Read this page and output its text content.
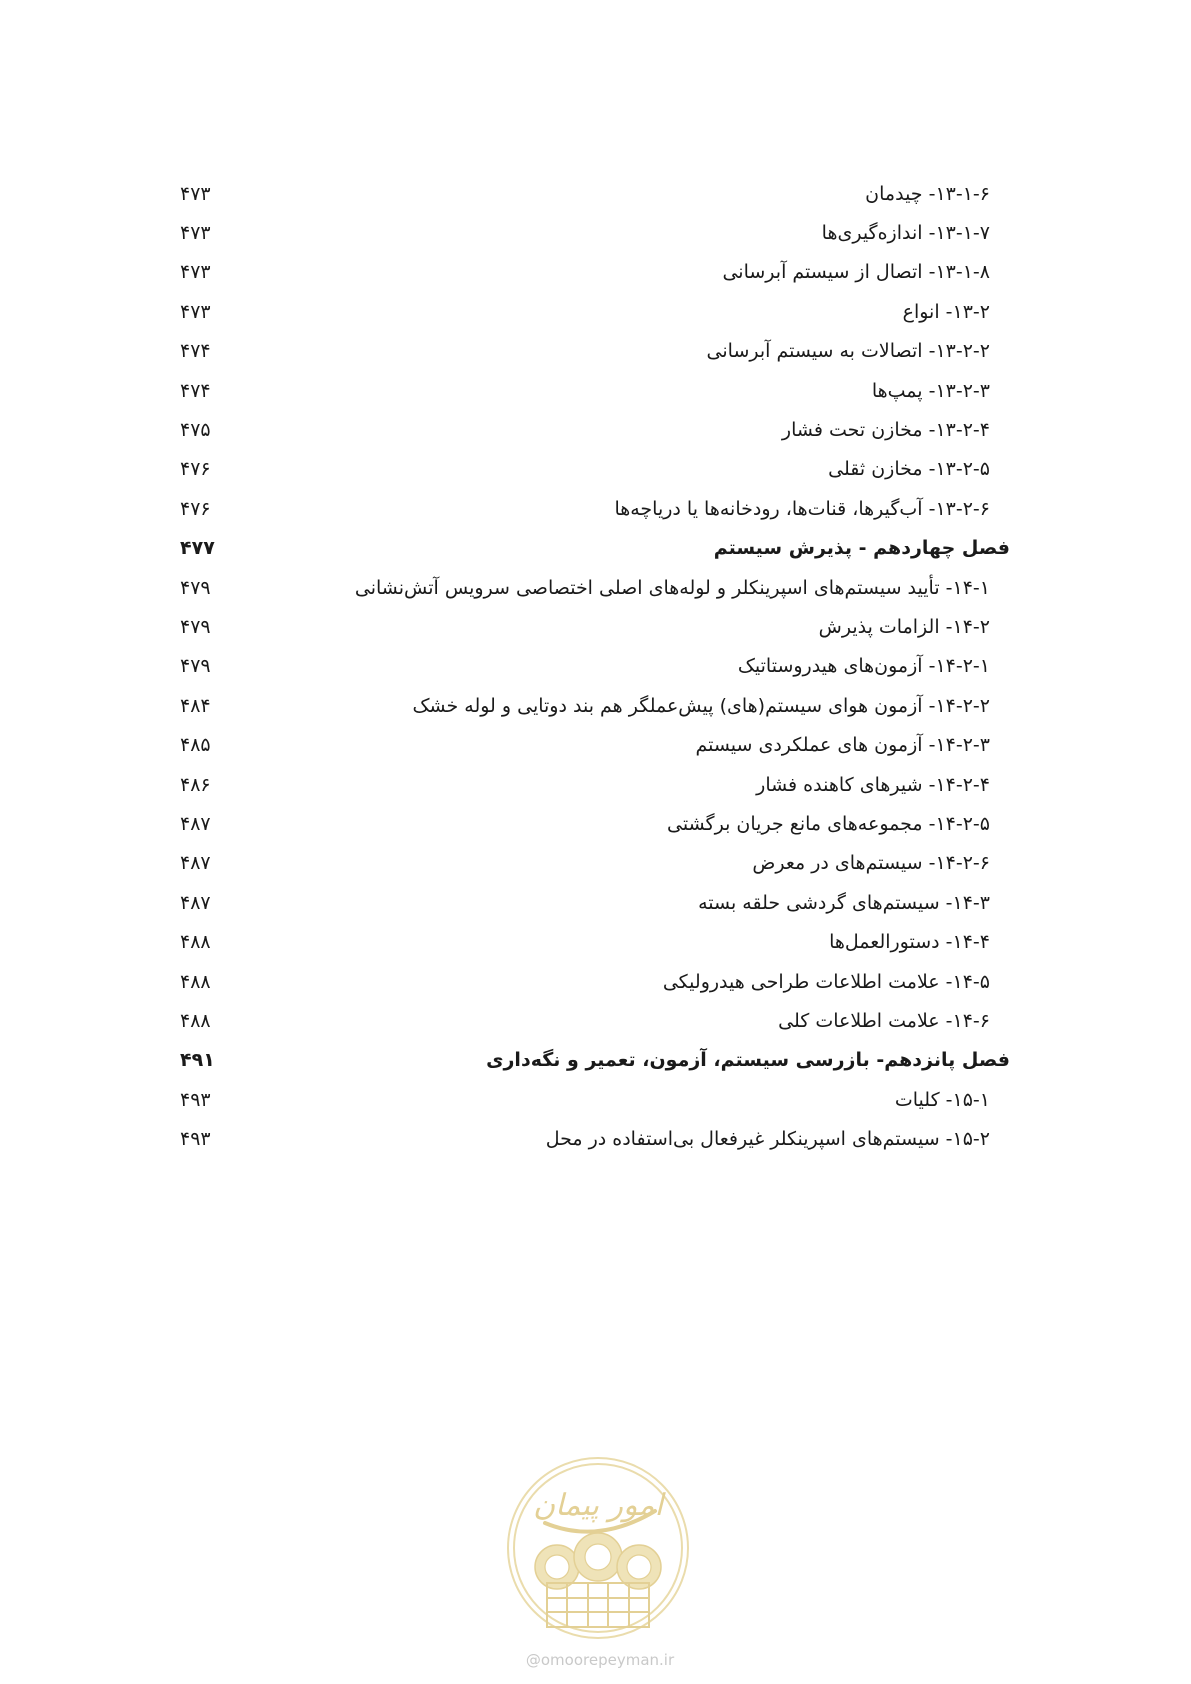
۱۳-۱-۶- چیدمان
۴۷۳
۱۳-۱-۷- اندازه‌گیری‌ها
۴۷۳
۱۳-۱-۸- اتصال از سیستم آبرسانی
۴۷۳
۱۳-۲- انواع
۴۷۳
۱۳-۲-۲- اتصالات به سیستم آبرسانی
۴۷۴
۱۳-۲-۳- پمپ‌ها
۴۷۴
۱۳-۲-۴- مخازن تحت فشار
۴۷۵
۱۳-۲-۵- مخازن ثقلی
۴۷۶
۱۳-۲-۶- آب‌گیرها، قنات‌ها، رودخانه‌ها یا دریاچه‌ها
۴۷۶
فصل چهاردهم - پذیرش سیستم
۴۷۷
۱۴-۱- تأیید سیستم‌های اسپرینکلر و لوله‌های اصلی اختصاصی سرویس آتش‌نشانی
۴۷۹
۱۴-۲- الزامات پذیرش
۴۷۹
۱۴-۲-۱- آزمون‌های هیدروستاتیک
۴۷۹
۱۴-۲-۲- آزمون هوای سیستم(های) پیش‌عملگر هم بند دوتایی و لوله خشک
۴۸۴
۱۴-۲-۳- آزمون های عملکردی سیستم
۴۸۵
۱۴-۲-۴- شیرهای کاهنده فشار
۴۸۶
۱۴-۲-۵- مجموعه‌های مانع جریان برگشتی
۴۸۷
۱۴-۲-۶- سیستم‌های در معرض
۴۸۷
۱۴-۳- سیستم‌های گردشی حلقه بسته
۴۸۷
۱۴-۴- دستورالعمل‌ها
۴۸۸
۱۴-۵- علامت اطلاعات طراحی هیدرولیکی
۴۸۸
۱۴-۶- علامت اطلاعات کلی
۴۸۸
فصل پانزدهم- بازرسی سیستم، آزمون، تعمیر و نگه‌داری
۴۹۱
۱۵-۱- کلیات
۴۹۳
۱۵-۲- سیستم‌های اسپرینکلر غیرفعال بی‌استفاده در محل
۴۹۳
امور پیمان
@omoorepeyman.ir
